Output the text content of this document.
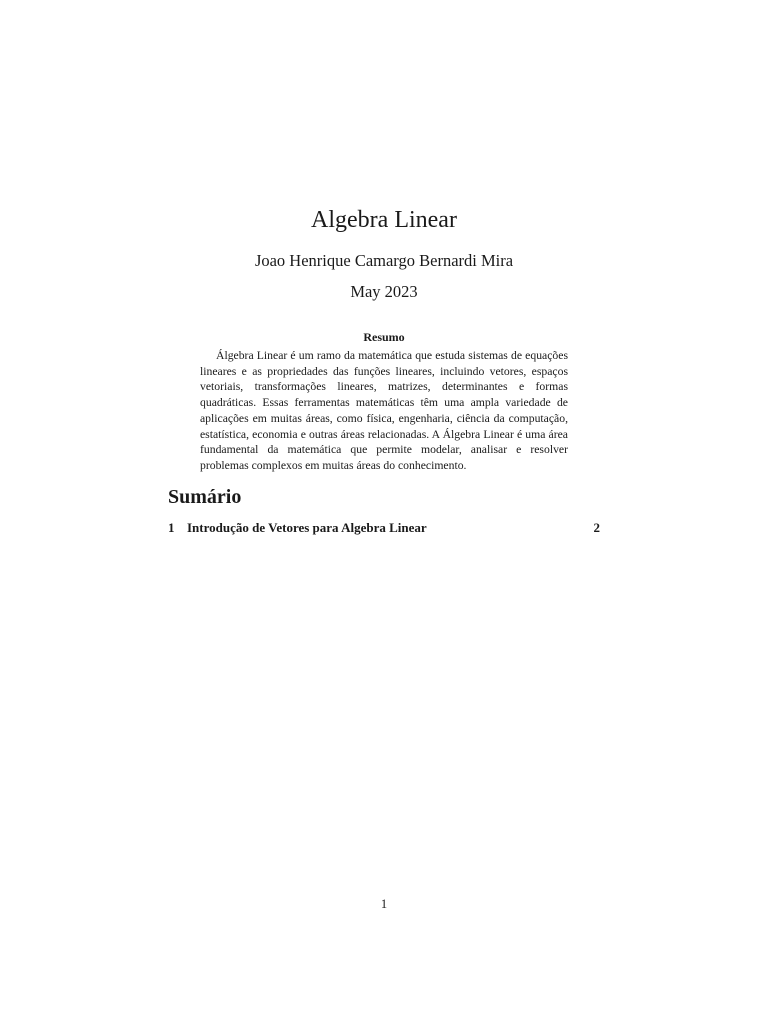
Algebra Linear
Joao Henrique Camargo Bernardi Mira
May 2023
Resumo

Álgebra Linear é um ramo da matemática que estuda sistemas de equações lineares e as propriedades das funções lineares, incluindo vetores, espaços vetoriais, transformações lineares, matrizes, determinantes e formas quadráticas. Essas ferramentas matemáticas têm uma ampla variedade de aplicações em muitas áreas, como física, engenharia, ciência da computação, estatística, economia e outras áreas relacionadas. A Álgebra Linear é uma área fundamental da matemática que permite modelar, analisar e resolver problemas complexos em muitas áreas do conhecimento.

Sumário
1 Introdução de Vetores para Algebra Linear	2
1
